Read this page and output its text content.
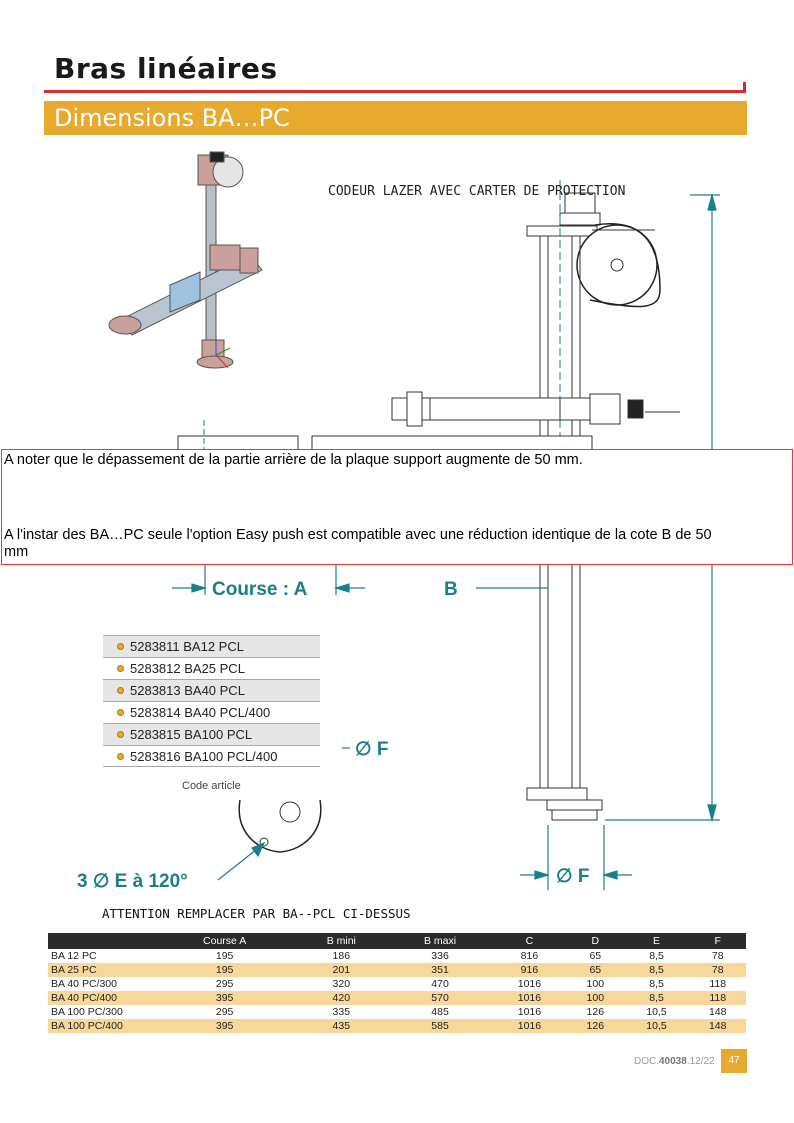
Bras linéaires
Dimensions BA…PC
CODEUR LAZER AVEC CARTER DE PROTECTION
Course : A	B
∅ F
∅ F
3 ∅ E à 120°
A noter que le dépassement de la partie arrière de la plaque support augmente de 50 mm.
A l'instar des BA…PC seule l'option Easy push est compatible avec une réduction identique de la cote B de 50
mm
5283811 BA12 PCL
5283812 BA25 PCL
5283813 BA40 PCL
5283814 BA40 PCL/400
5283815 BA100 PCL
5283816 BA100 PCL/400
Code article
ATTENTION REMPLACER PAR BA--PCL CI-DESSUS
	Course A	B mini	B maxi	C	D	E	F
BA 12 PC	195	186	336	816	65	8,5	78
BA 25 PC	195	201	351	916	65	8,5	78
BA 40 PC/300	295	320	470	1016	100	8,5	118
BA 40 PC/400	395	420	570	1016	100	8,5	118
BA 100 PC/300	295	335	485	1016	126	10,5	148
BA 100 PC/400	395	435	585	1016	126	10,5	148
DOC.40038.12/22	47
